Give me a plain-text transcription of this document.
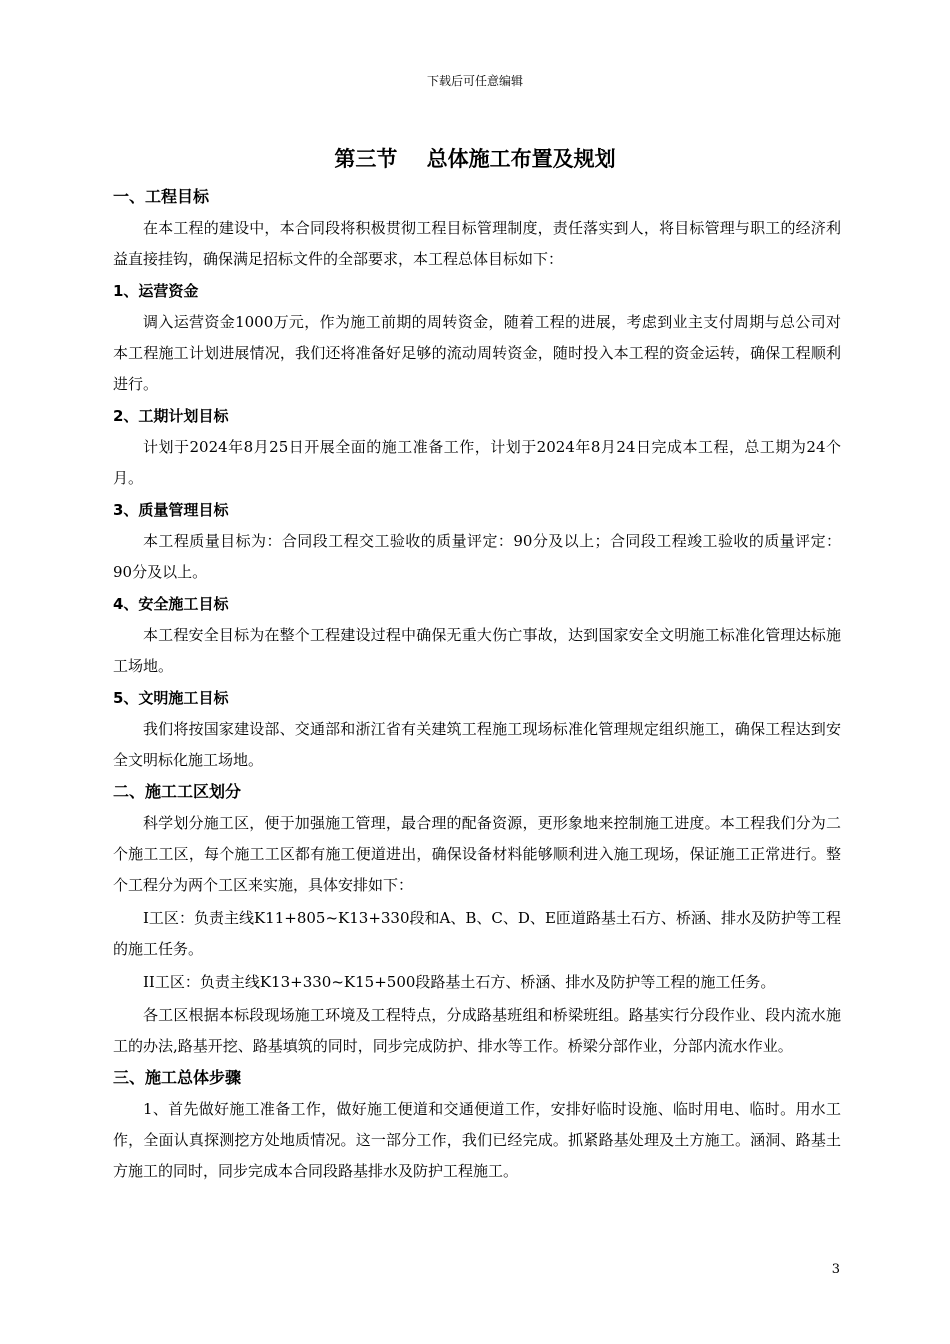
下载后可任意编辑
第三节    总体施工布置及规划
一、工程目标
在本工程的建设中，本合同段将积极贯彻工程目标管理制度，责任落实到人，将目标管理与职工的经济利益直接挂钩，确保满足招标文件的全部要求，本工程总体目标如下：
1、运营资金
调入运营资金1000万元，作为施工前期的周转资金，随着工程的进展，考虑到业主支付周期与总公司对本工程施工计划进展情况，我们还将准备好足够的流动周转资金，随时投入本工程的资金运转，确保工程顺利进行。
2、工期计划目标
计划于2024年8月25日开展全面的施工准备工作，计划于2024年8月24日完成本工程，总工期为24个月。
3、质量管理目标
本工程质量目标为：合同段工程交工验收的质量评定：90分及以上；合同段工程竣工验收的质量评定：90分及以上。
4、安全施工目标
本工程安全目标为在整个工程建设过程中确保无重大伤亡事故，达到国家安全文明施工标准化管理达标施工场地。
5、文明施工目标
我们将按国家建设部、交通部和浙江省有关建筑工程施工现场标准化管理规定组织施工，确保工程达到安全文明标化施工场地。
二、施工工区划分
科学划分施工区，便于加强施工管理，最合理的配备资源，更形象地来控制施工进度。本工程我们分为二个施工工区，每个施工工区都有施工便道进出，确保设备材料能够顺利进入施工现场，保证施工正常进行。整个工程分为两个工区来实施，具体安排如下：
I工区：负责主线K11+805~K13+330段和A、B、C、D、E匝道路基土石方、桥涵、排水及防护等工程的施工任务。
II工区：负责主线K13+330~K15+500段路基土石方、桥涵、排水及防护等工程的施工任务。
各工区根据本标段现场施工环境及工程特点，分成路基班组和桥梁班组。路基实行分段作业、段内流水施工的办法,路基开挖、路基填筑的同时，同步完成防护、排水等工作。桥梁分部作业，分部内流水作业。
三、施工总体步骤
1、首先做好施工准备工作，做好施工便道和交通便道工作，安排好临时设施、临时用电、临时。用水工作，全面认真探测挖方处地质情况。这一部分工作，我们已经完成。抓紧路基处理及土方施工。涵洞、路基土方施工的同时，同步完成本合同段路基排水及防护工程施工。
3
